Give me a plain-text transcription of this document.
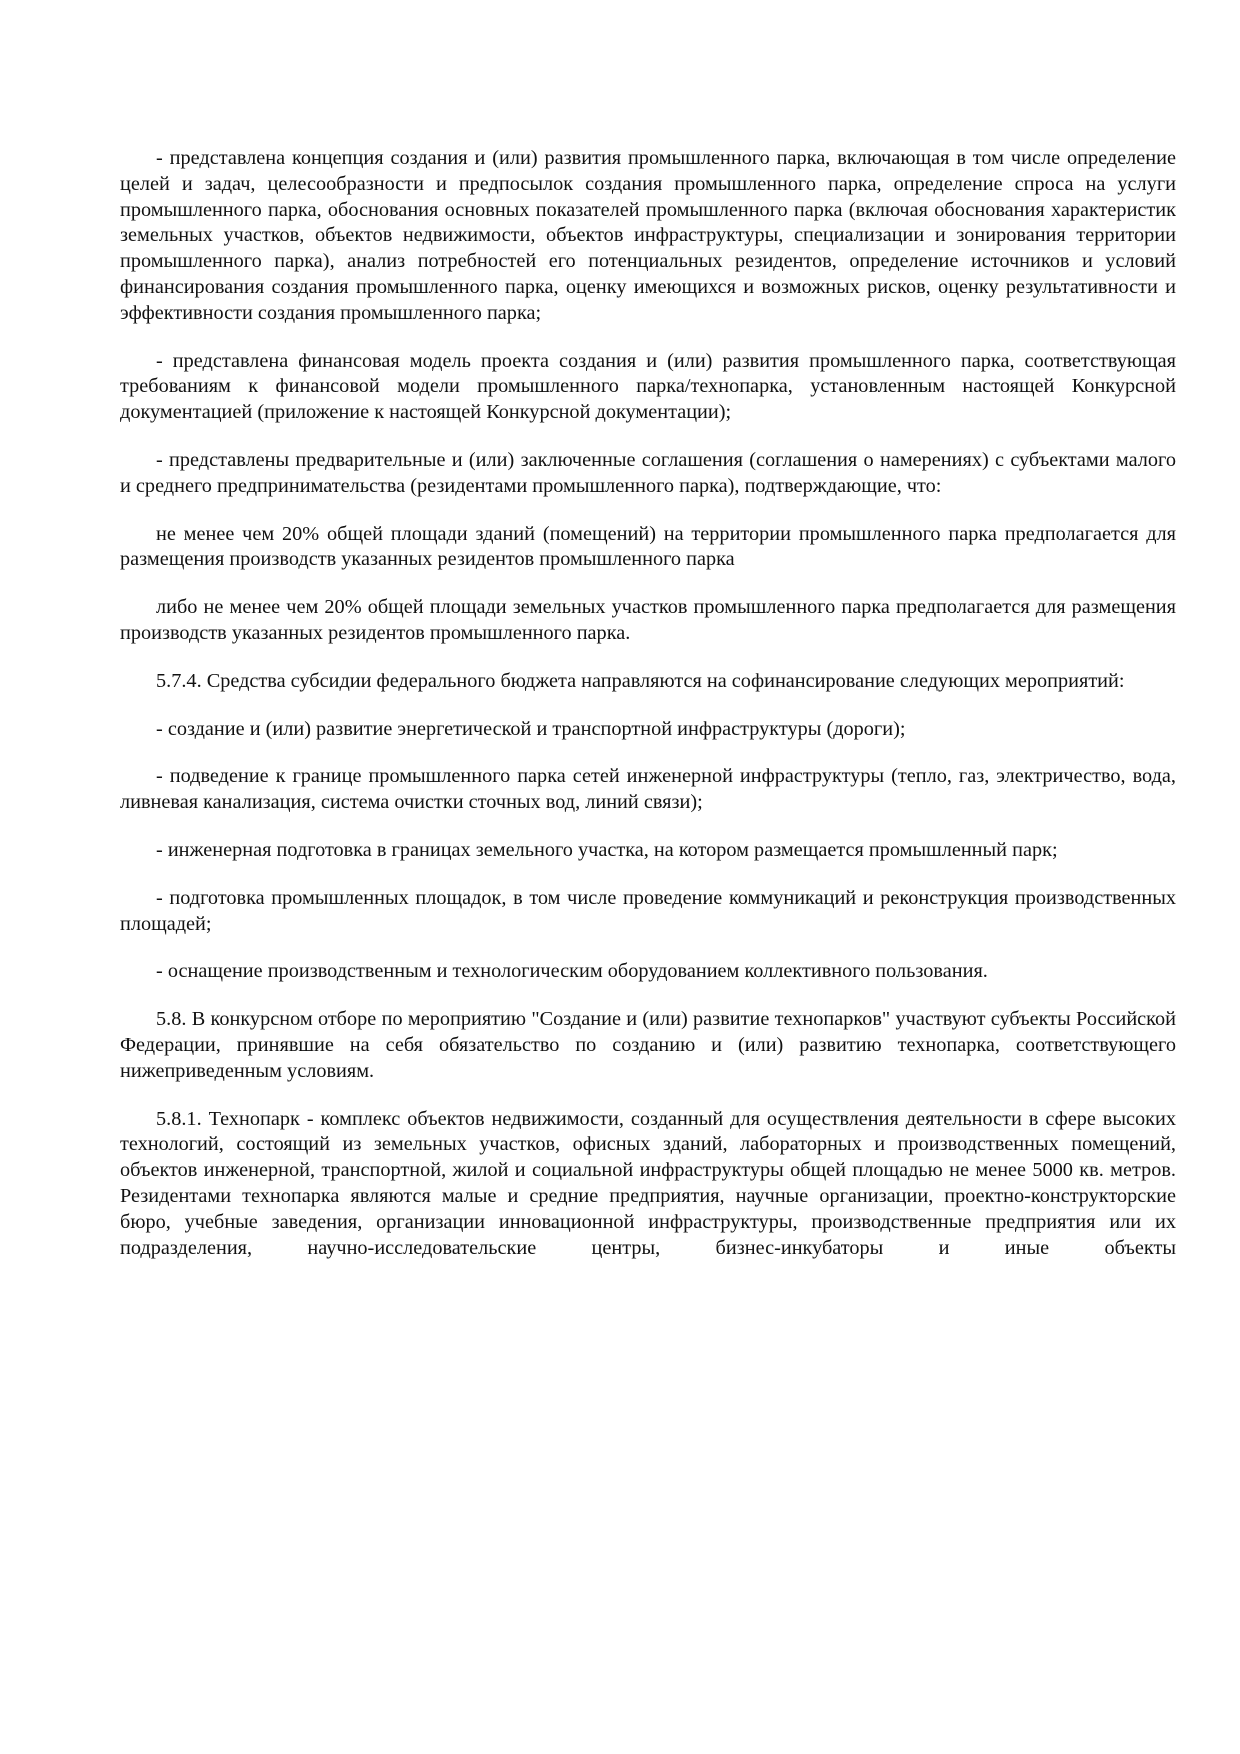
- представлена концепция создания и (или) развития промышленного парка, включающая в том числе определение целей и задач, целесообразности и предпосылок создания промышленного парка, определение спроса на услуги промышленного парка, обоснования основных показателей промышленного парка (включая обоснования характеристик земельных участков, объектов недвижимости, объектов инфраструктуры, специализации и зонирования территории промышленного парка), анализ потребностей его потенциальных резидентов, определение источников и условий финансирования создания промышленного парка, оценку имеющихся и возможных рисков, оценку результативности и эффективности создания промышленного парка;

- представлена финансовая модель проекта создания и (или) развития промышленного парка, соответствующая требованиям к финансовой модели промышленного парка/технопарка, установленным настоящей Конкурсной документацией (приложение к настоящей Конкурсной документации);

- представлены предварительные и (или) заключенные соглашения (соглашения о намерениях) с субъектами малого и среднего предпринимательства (резидентами промышленного парка), подтверждающие, что:

не менее чем 20% общей площади зданий (помещений) на территории промышленного парка предполагается для размещения производств указанных резидентов промышленного парка

либо не менее чем 20% общей площади земельных участков промышленного парка предполагается для размещения производств указанных резидентов промышленного парка.

5.7.4. Средства субсидии федерального бюджета направляются на софинансирование следующих мероприятий:

- создание и (или) развитие энергетической и транспортной инфраструктуры (дороги);

- подведение к границе промышленного парка сетей инженерной инфраструктуры (тепло, газ, электричество, вода, ливневая канализация, система очистки сточных вод, линий связи);

- инженерная подготовка в границах земельного участка, на котором размещается промышленный парк;

- подготовка промышленных площадок, в том числе проведение коммуникаций и реконструкция производственных площадей;

- оснащение производственным и технологическим оборудованием коллективного пользования.

5.8. В конкурсном отборе по мероприятию "Создание и (или) развитие технопарков" участвуют субъекты Российской Федерации, принявшие на себя обязательство по созданию и (или) развитию технопарка, соответствующего нижеприведенным условиям.

5.8.1. Технопарк - комплекс объектов недвижимости, созданный для осуществления деятельности в сфере высоких технологий, состоящий из земельных участков, офисных зданий, лабораторных и производственных помещений, объектов инженерной, транспортной, жилой и социальной инфраструктуры общей площадью не менее 5000 кв. метров. Резидентами технопарка являются малые и средние предприятия, научные организации, проектно-конструкторские бюро, учебные заведения, организации инновационной инфраструктуры, производственные предприятия или их подразделения, научно-исследовательские центры, бизнес-инкубаторы и иные объекты
